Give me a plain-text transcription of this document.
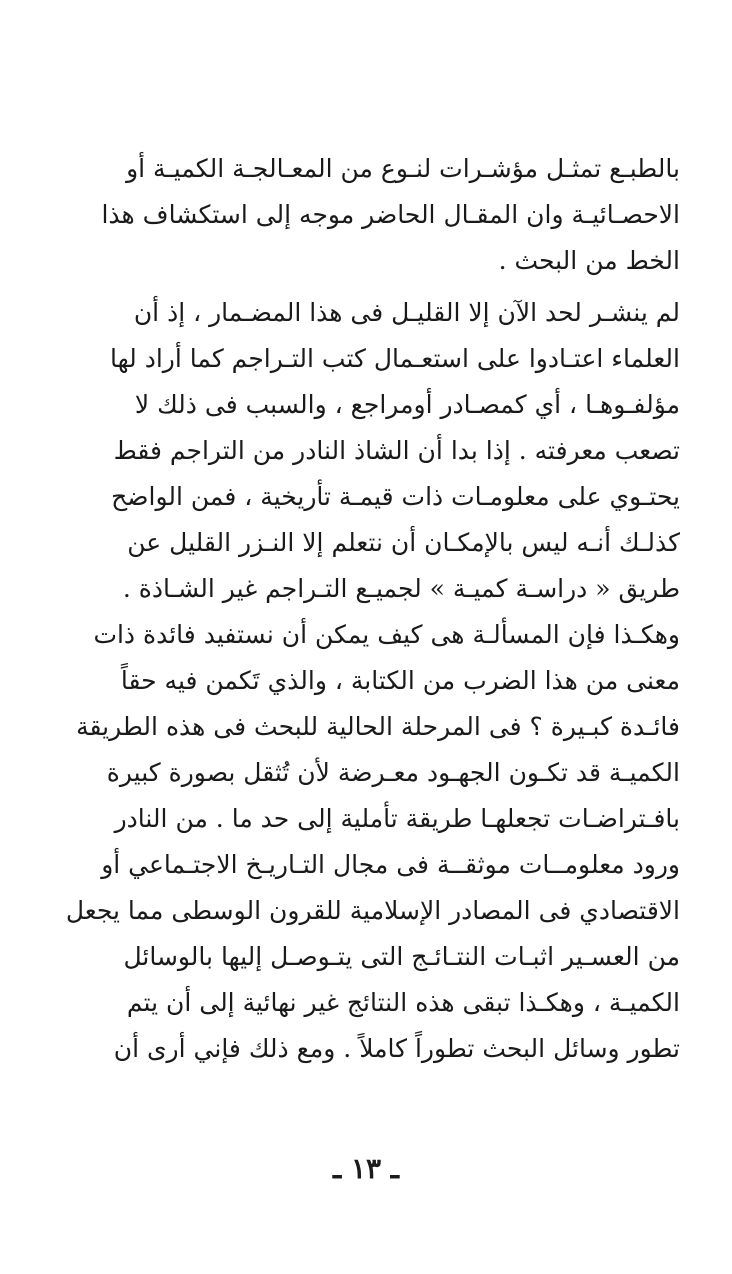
بالطبـع تمثـل مؤشـرات لنـوع من المعـالجـة الكميـة أو
الاحصـائيـة وان المقـال الحاضر موجه إلى استكشاف هذا
الخط من البحث .
لم ينشـر لحد الآن إلا القليـل فى هذا المضـمار ، إذ أن
العلماء اعتـادوا على استعـمال كتب التـراجم كما أراد لها
مؤلفـوهـا ، أي كمصـادر أومراجع ، والسبب فى ذلك لا
تصعب معرفته . إذا بدا أن الشاذ النادر من التراجم فقط
يحتـوي على معلومـات ذات قيمـة تأريخية ، فمن الواضح
كذلـك أنـه ليس بالإمكـان أن نتعلم إلا النـزر القليل عن
طريق « دراسـة كميـة » لجميـع التـراجم غير الشـاذة .
وهكـذا فإن المسألـة هى كيف يمكن أن نستفيد فائدة ذات
معنى من هذا الضرب من الكتابة ، والذي تَكمن فيه حقاً
فائـدة كبـيرة ؟ فى المرحلة الحالية للبحث فى هذه الطريقة
الكميـة قد تكـون الجهـود معـرضة لأن تُثقل بصورة كبيرة
بافـتراضـات تجعلهـا طريقة تأملية إلى حد ما . من النادر
ورود معلومــات موثقــة فى مجال التـاريـخ الاجتـماعي أو
الاقتصادي فى المصادر الإسلامية للقرون الوسطى مما يجعل
من العسـير اثبـات النتـائـج التى يتـوصـل إليها بالوسائل
الكميـة ، وهكـذا تبقى هذه النتائج غير نهائية إلى أن يتم
تطور وسائل البحث تطوراً كاملاً . ومع ذلك فإني أرى أن
ـ ١٣ ـ
